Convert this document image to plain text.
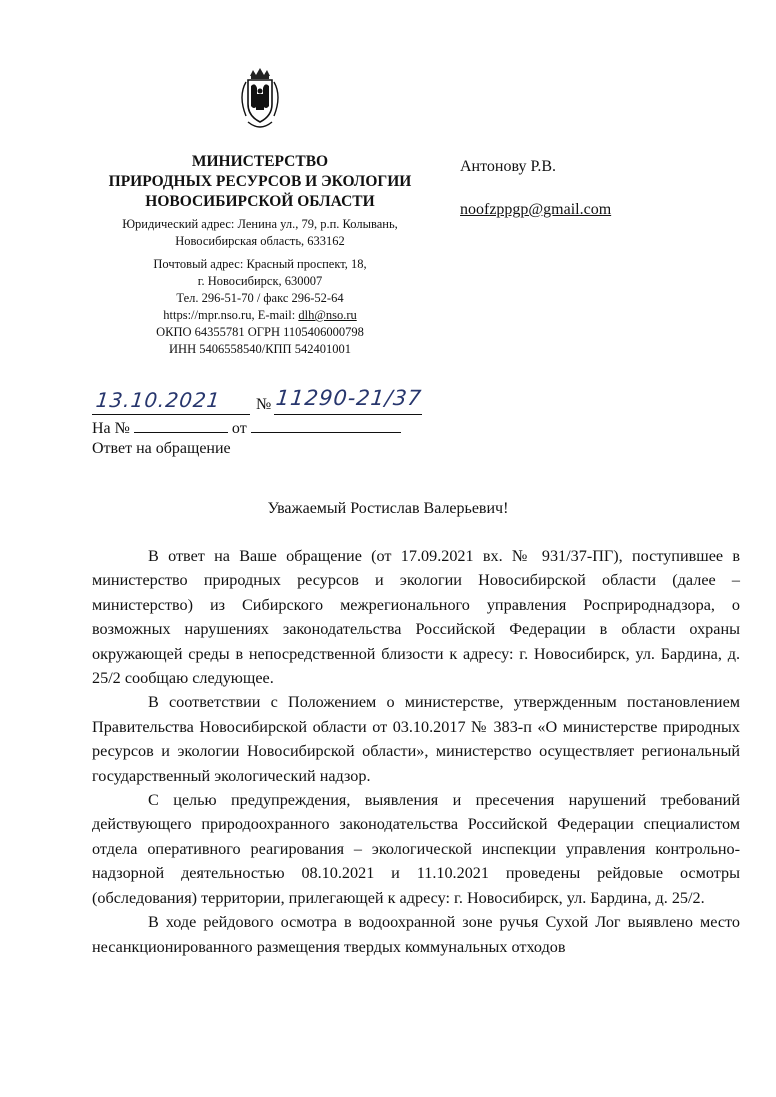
МИНИСТЕРСТВО
ПРИРОДНЫХ РЕСУРСОВ И ЭКОЛОГИИ
НОВОСИБИРСКОЙ ОБЛАСТИ
Юридический адрес: Ленина ул., 79, р.п. Колывань,
Новосибирская область, 633162
Почтовый адрес: Красный проспект, 18,
г. Новосибирск, 630007
Тел. 296-51-70 / факс 296-52-64
https://mpr.nso.ru, E-mail: dlh@nso.ru
ОКПО 64355781 ОГРН 1105406000798
ИНН 5406558540/КПП 542401001
Антонову Р.В.
noofzppgp@gmail.com
13.10.2021 № 11290-21/37
На №	от
Ответ на обращение
Уважаемый Ростислав Валерьевич!

В ответ на Ваше обращение (от 17.09.2021 вх. № 931/37-ПГ), поступившее в министерство природных ресурсов и экологии Новосибирской области (далее – министерство) из Сибирского межрегионального управления Росприроднадзора, о возможных нарушениях законодательства Российской Федерации в области охраны окружающей среды в непосредственной близости к адресу: г. Новосибирск, ул. Бардина, д. 25/2 сообщаю следующее.

В соответствии с Положением о министерстве, утвержденным постановлением Правительства Новосибирской области от 03.10.2017 № 383-п «О министерстве природных ресурсов и экологии Новосибирской области», министерство осуществляет региональный государственный экологический надзор.

С целью предупреждения, выявления и пресечения нарушений требований действующего природоохранного законодательства Российской Федерации специалистом отдела оперативного реагирования – экологической инспекции управления контрольно-надзорной деятельностью 08.10.2021 и 11.10.2021 проведены рейдовые осмотры (обследования) территории, прилегающей к адресу: г. Новосибирск, ул. Бардина, д. 25/2.

В ходе рейдового осмотра в водоохранной зоне ручья Сухой Лог выявлено место несанкционированного размещения твердых коммунальных отходов
